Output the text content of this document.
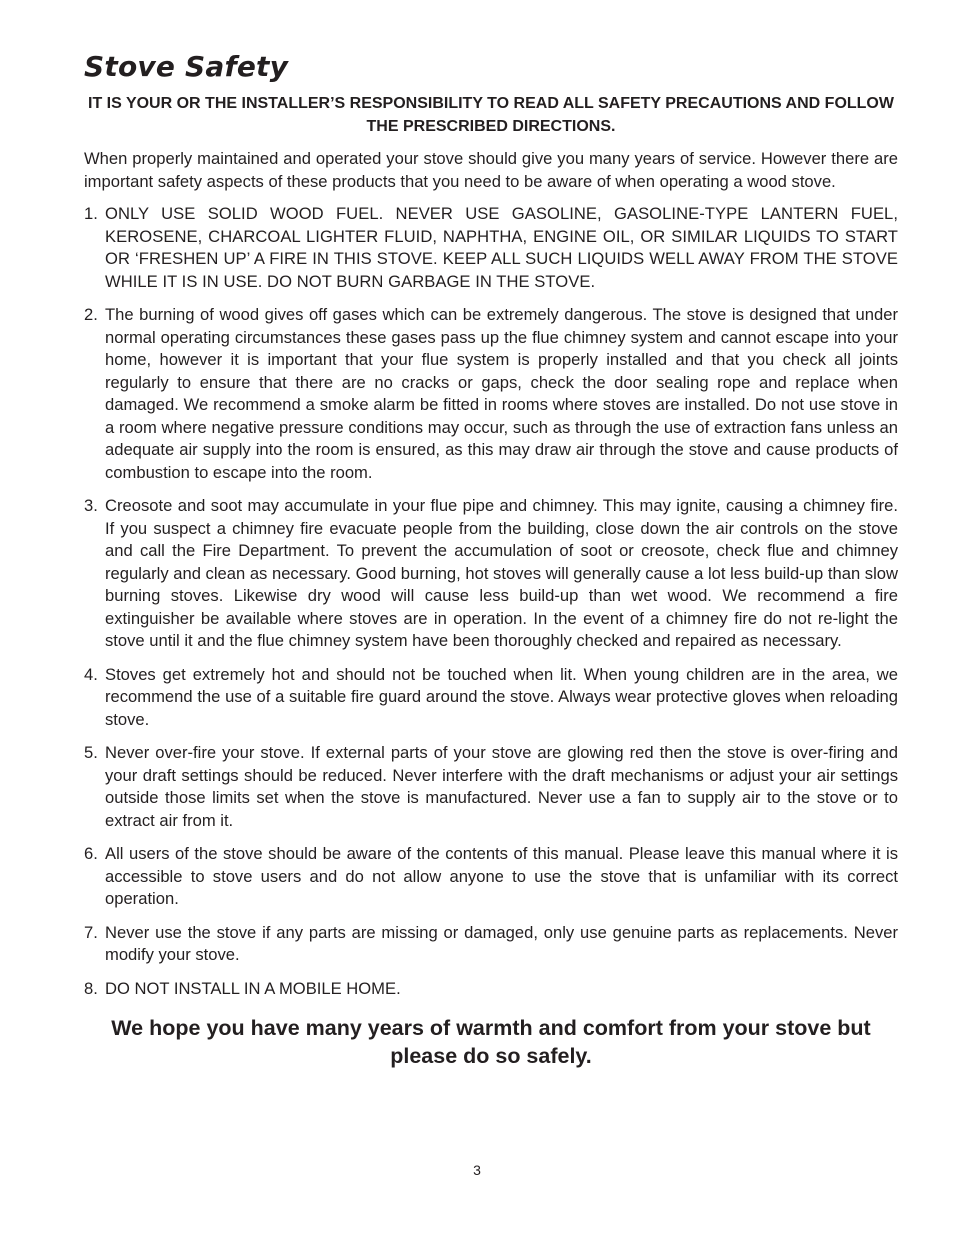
Stove Safety

IT IS YOUR OR THE INSTALLER’S RESPONSIBILITY TO READ ALL SAFETY PRECAUTIONS AND FOLLOW THE PRESCRIBED DIRECTIONS.

When properly maintained and operated your stove should give you many years of service. However there are important safety aspects of these products that you need to be aware of when operating a wood stove.

1. ONLY USE SOLID WOOD FUEL. NEVER USE GASOLINE, GASOLINE-TYPE LANTERN FUEL, KEROSENE, CHARCOAL LIGHTER FLUID, NAPHTHA, ENGINE OIL, OR SIMILAR LIQUIDS TO START OR ‘FRESHEN UP’ A FIRE IN THIS STOVE. KEEP ALL SUCH LIQUIDS WELL AWAY FROM THE STOVE WHILE IT IS IN USE. DO NOT BURN GARBAGE IN THE STOVE.
2. The burning of wood gives off gases which can be extremely dangerous. The stove is designed that under normal operating circumstances these gases pass up the flue chimney system and cannot escape into your home, however it is important that your flue system is properly installed and that you check all joints regularly to ensure that there are no cracks or gaps, check the door sealing rope and replace when damaged. We recommend a smoke alarm be fitted in rooms where stoves are installed. Do not use stove in a room where negative pressure conditions may occur, such as through the use of extraction fans unless an adequate air supply into the room is ensured, as this may draw air through the stove and cause products of combustion to escape into the room.
3. Creosote and soot may accumulate in your flue pipe and chimney. This may ignite, causing a chimney fire. If you suspect a chimney fire evacuate people from the building, close down the air controls on the stove and call the Fire Department. To prevent the accumulation of soot or creosote, check flue and chimney regularly and clean as necessary. Good burning, hot stoves will generally cause a lot less build-up than slow burning stoves. Likewise dry wood will cause less build-up than wet wood. We recommend a fire extinguisher be available where stoves are in operation. In the event of a chimney fire do not re-light the stove until it and the flue chimney system have been thoroughly checked and repaired as necessary.
4. Stoves get extremely hot and should not be touched when lit. When young children are in the area, we recommend the use of a suitable fire guard around the stove. Always wear protective gloves when reloading stove.
5. Never over-fire your stove. If external parts of your stove are glowing red then the stove is over-firing and your draft settings should be reduced. Never interfere with the draft mechanisms or adjust your air settings outside those limits set when the stove is manufactured. Never use a fan to supply air to the stove or to extract air from it.
6. All users of the stove should be aware of the contents of this manual. Please leave this manual where it is accessible to stove users and do not allow anyone to use the stove that is unfamiliar with its correct operation.
7. Never use the stove if any parts are missing or damaged, only use genuine parts as replacements. Never modify your stove.
8. DO NOT INSTALL IN A MOBILE HOME.

We hope you have many years of warmth and comfort from your stove but please do so safely.

3
